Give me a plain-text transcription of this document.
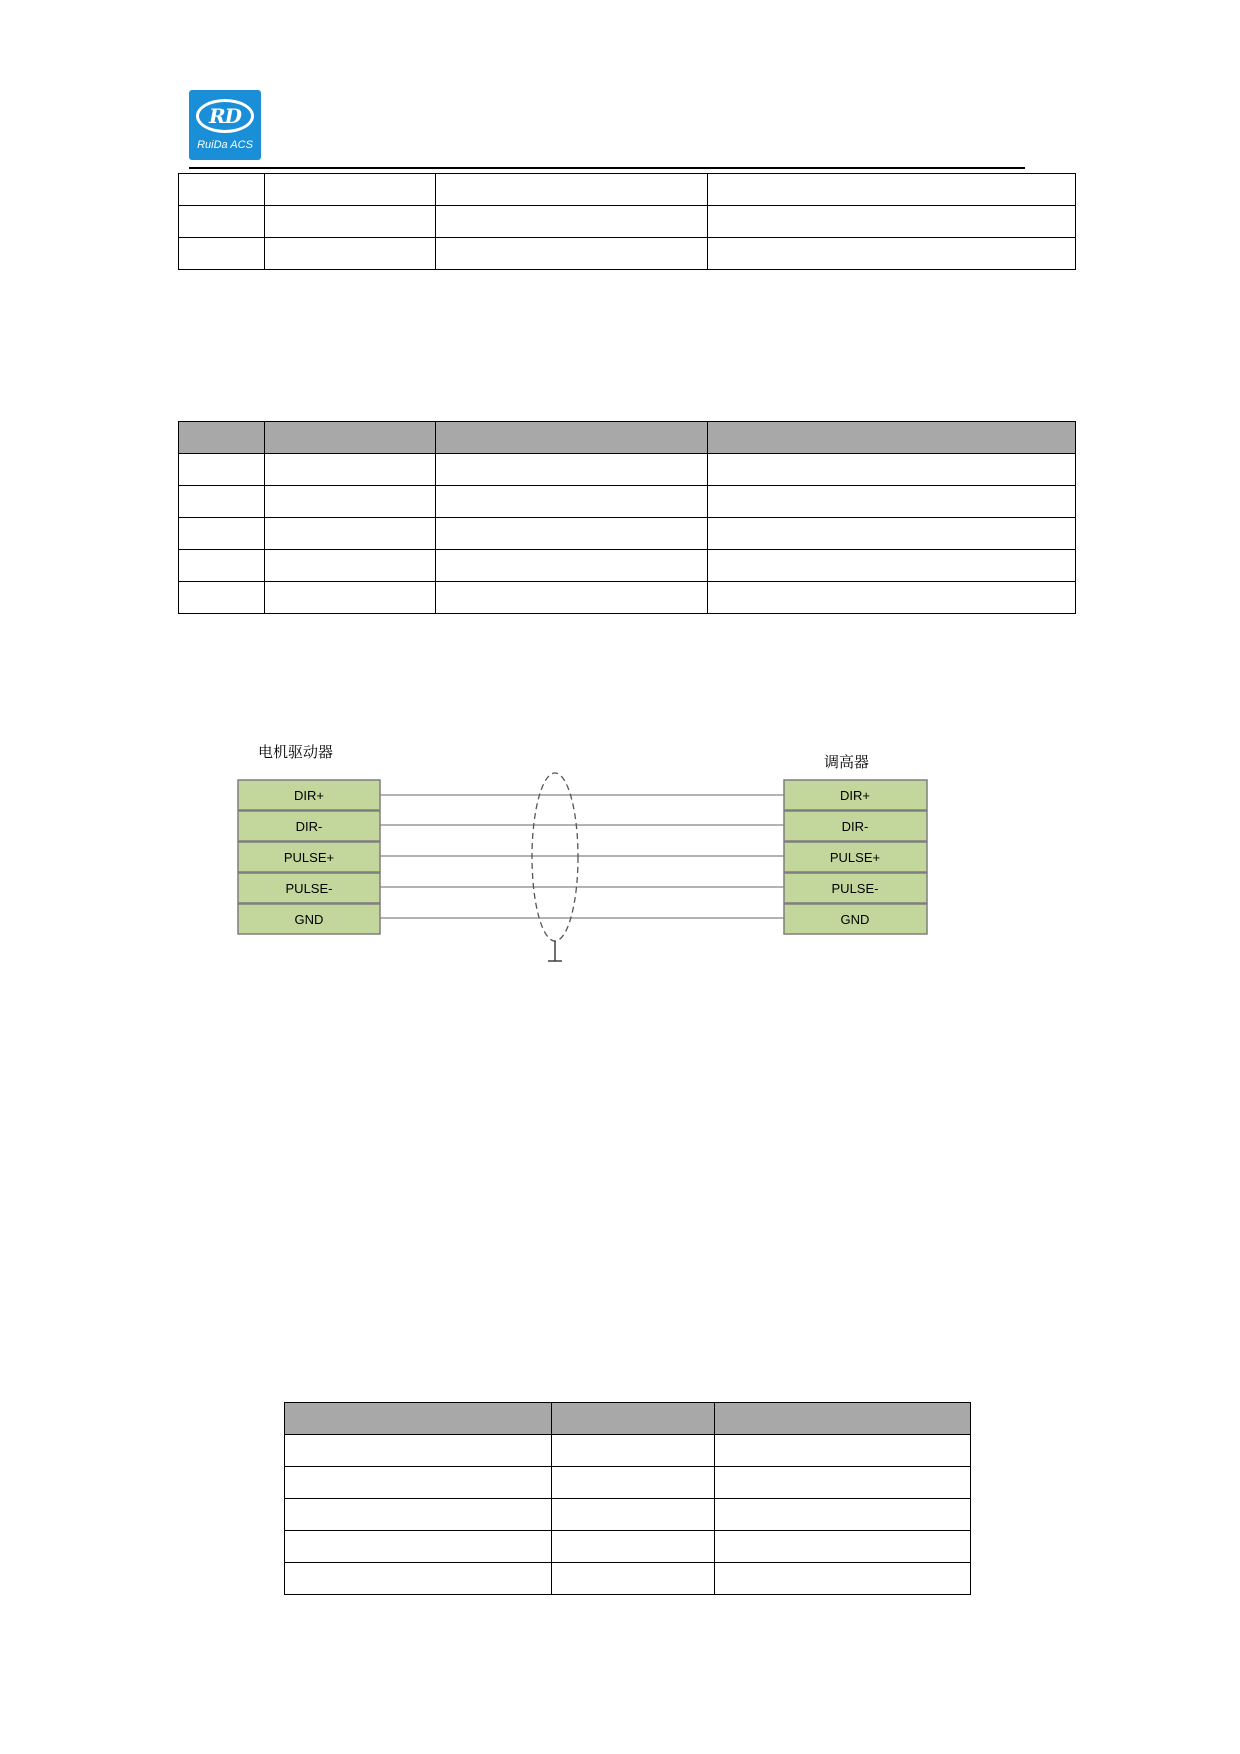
RD
RuiDa ACS

电机驱动器
调高器
DIR+
DIR-
PULSE+
PULSE-
GND
DIR+
DIR-
PULSE+
PULSE-
GND
